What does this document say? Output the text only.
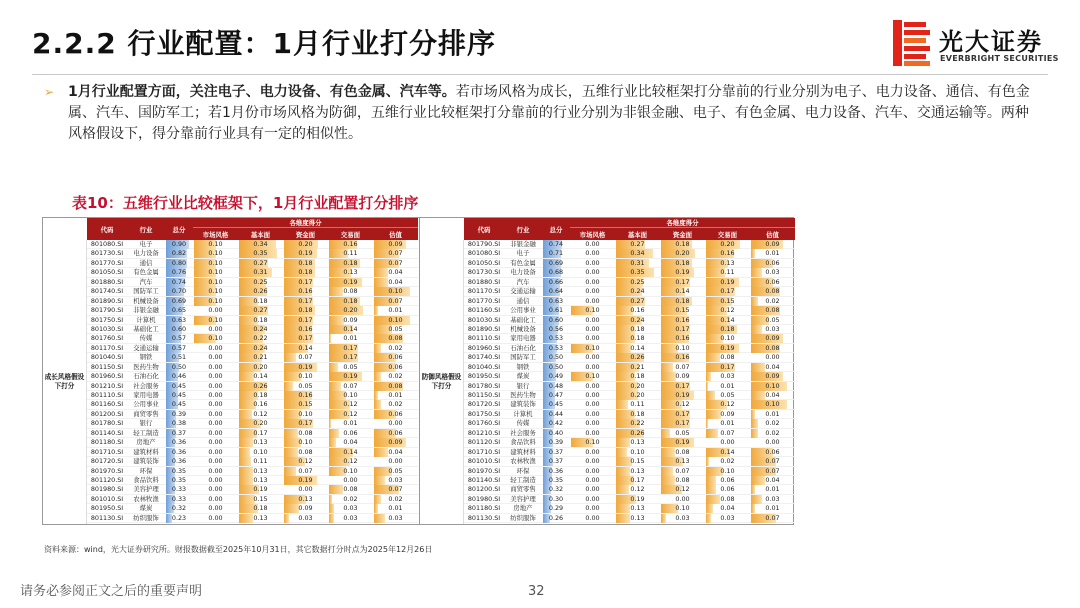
2.2.2 行业配置：1月行业打分排序	光大证券
EVERBRIGHT SECURITIES
➢ 1月行业配置方面，关注电子、电力设备、有色金属、汽车等。若市场风格为成长，五维行业比较框架打分靠前的行业分别为电子、电力设备、通信、有色金属、汽车、国防军工；若1月份市场风格为防御，五维行业比较框架打分靠前的行业分别为非银金融、电子、有色金属、电力设备、汽车、交通运输等。两种风格假设下，得分靠前行业具有一定的相似性。
表10：五维行业比较框架下，1月行业配置打分排序
成长风格假设下打分
代码	行业	总分
各维度得分
市场风格	基本面	资金面	交易面	估值
801080.SI	电子	0.90	0.10	0.34	0.20	0.16	0.09
801730.SI	电力设备	0.82	0.10	0.35	0.19	0.11	0.07
801770.SI	通信	0.80	0.10	0.27	0.18	0.18	0.07
801050.SI	有色金属	0.76	0.10	0.31	0.18	0.13	0.04
801880.SI	汽车	0.74	0.10	0.25	0.17	0.19	0.04
801740.SI	国防军工	0.70	0.10	0.26	0.16	0.08	0.10
801890.SI	机械设备	0.69	0.10	0.18	0.17	0.18	0.07
801790.SI	非银金融	0.65	0.00	0.27	0.18	0.20	0.01
801750.SI	计算机	0.63	0.10	0.18	0.17	0.09	0.10
801030.SI	基础化工	0.60	0.00	0.24	0.16	0.14	0.05
801760.SI	传媒	0.57	0.10	0.22	0.17	0.01	0.08
801170.SI	交通运输	0.57	0.00	0.24	0.14	0.17	0.02
801040.SI	钢铁	0.51	0.00	0.21	0.07	0.17	0.06
801150.SI	医药生物	0.50	0.00	0.20	0.19	0.05	0.06
801960.SI	石油石化	0.46	0.00	0.14	0.10	0.19	0.02
801210.SI	社会服务	0.45	0.00	0.26	0.05	0.07	0.08
801110.SI	家用电器	0.45	0.00	0.18	0.16	0.10	0.01
801160.SI	公用事业	0.45	0.00	0.16	0.15	0.12	0.02
801200.SI	商贸零售	0.39	0.00	0.12	0.10	0.12	0.06
801780.SI	银行	0.38	0.00	0.20	0.17	0.01	0.00
801140.SI	轻工制造	0.37	0.00	0.17	0.08	0.06	0.06
801180.SI	房地产	0.36	0.00	0.13	0.10	0.04	0.09
801710.SI	建筑材料	0.36	0.00	0.10	0.08	0.14	0.04
801720.SI	建筑装饰	0.36	0.00	0.11	0.12	0.12	0.00
801970.SI	环保	0.35	0.00	0.13	0.07	0.10	0.05
801120.SI	食品饮料	0.35	0.00	0.13	0.19	0.00	0.03
801980.SI	美容护理	0.33	0.00	0.19	0.00	0.08	0.07
801010.SI	农林牧渔	0.33	0.00	0.15	0.13	0.02	0.02
801950.SI	煤炭	0.32	0.00	0.18	0.09	0.03	0.01
801130.SI	纺织服饰	0.23	0.00	0.13	0.03	0.03	0.03
防御风格假设下打分
代码	行业	总分
各维度得分
市场风格	基本面	资金面	交易面	估值
801790.SI	非银金融	0.74	0.00	0.27	0.18	0.20	0.09
801080.SI	电子	0.71	0.00	0.34	0.20	0.16	0.01
801050.SI	有色金属	0.69	0.00	0.31	0.18	0.13	0.06
801730.SI	电力设备	0.68	0.00	0.35	0.19	0.11	0.03
801880.SI	汽车	0.66	0.00	0.25	0.17	0.19	0.06
801170.SI	交通运输	0.64	0.00	0.24	0.14	0.17	0.08
801770.SI	通信	0.63	0.00	0.27	0.18	0.15	0.02
801160.SI	公用事业	0.61	0.10	0.16	0.15	0.12	0.08
801030.SI	基础化工	0.60	0.00	0.24	0.16	0.14	0.05
801890.SI	机械设备	0.56	0.00	0.18	0.17	0.18	0.03
801110.SI	家用电器	0.53	0.00	0.18	0.16	0.10	0.09
801960.SI	石油石化	0.53	0.10	0.14	0.10	0.19	0.08
801740.SI	国防军工	0.50	0.00	0.26	0.16	0.08	0.00
801040.SI	钢铁	0.50	0.00	0.21	0.07	0.17	0.04
801950.SI	煤炭	0.49	0.10	0.18	0.09	0.03	0.09
801780.SI	银行	0.48	0.00	0.20	0.17	0.01	0.10
801150.SI	医药生物	0.47	0.00	0.20	0.19	0.05	0.04
801720.SI	建筑装饰	0.45	0.00	0.11	0.12	0.12	0.10
801750.SI	计算机	0.44	0.00	0.18	0.17	0.09	0.01
801760.SI	传媒	0.42	0.00	0.22	0.17	0.01	0.02
801210.SI	社会服务	0.40	0.00	0.26	0.05	0.07	0.02
801120.SI	食品饮料	0.39	0.10	0.13	0.19	0.00	0.00
801710.SI	建筑材料	0.37	0.00	0.10	0.08	0.14	0.06
801010.SI	农林牧渔	0.37	0.00	0.15	0.13	0.02	0.07
801970.SI	环保	0.36	0.00	0.13	0.07	0.10	0.07
801140.SI	轻工制造	0.35	0.00	0.17	0.08	0.06	0.04
801200.SI	商贸零售	0.32	0.00	0.12	0.12	0.06	0.01
801980.SI	美容护理	0.30	0.00	0.19	0.00	0.08	0.03
801180.SI	房地产	0.29	0.00	0.13	0.10	0.04	0.01
801130.SI	纺织服饰	0.26	0.00	0.13	0.03	0.03	0.07
资料来源：wind，光大证券研究所。财报数据截至2025年10月31日，其它数据打分时点为2025年12月26日
请务必参阅正文之后的重要声明	32
